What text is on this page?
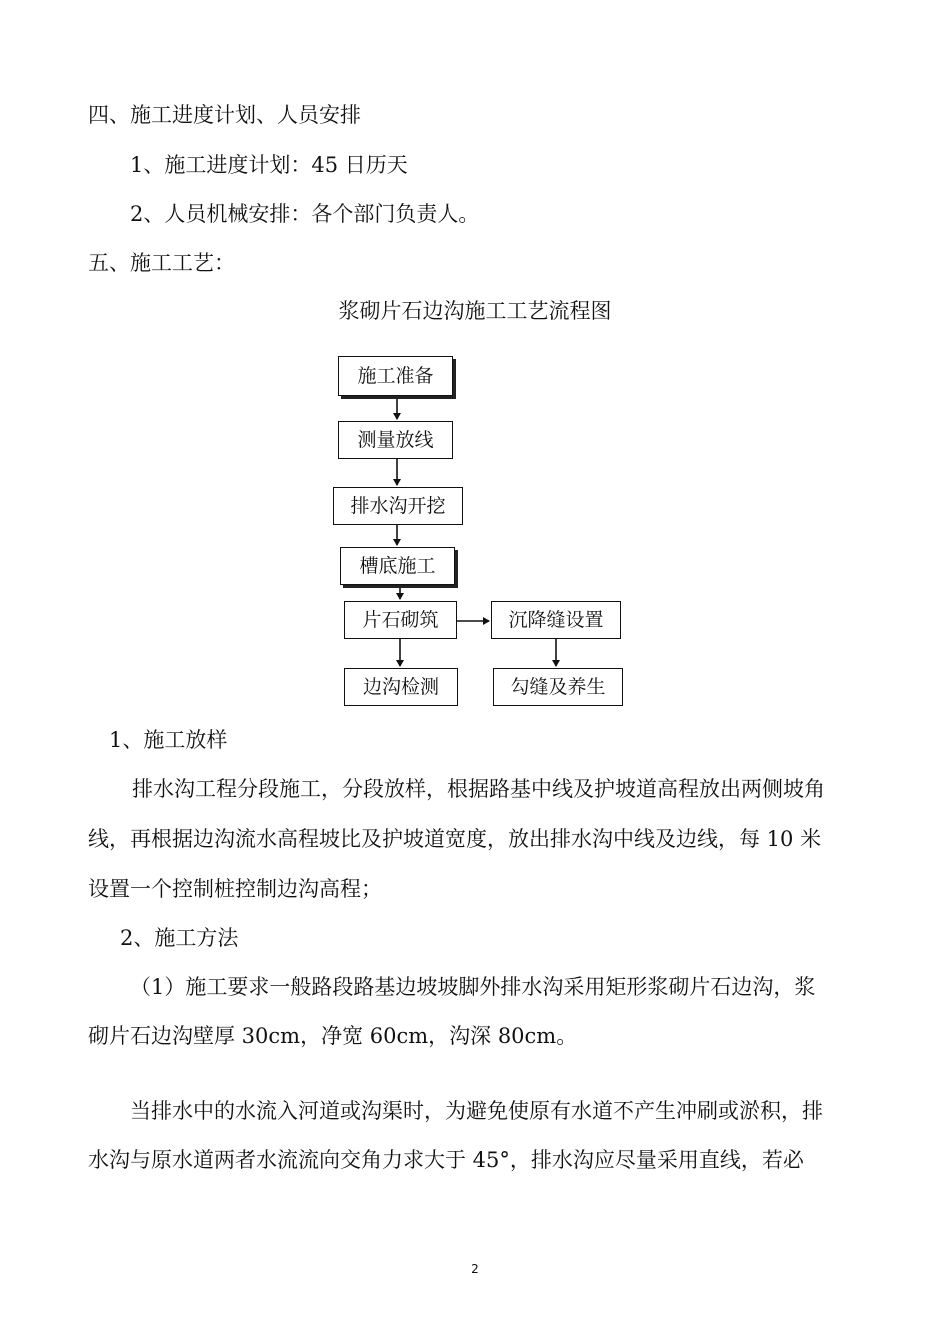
四、施工进度计划、人员安排
1、施工进度计划：45 日历天
2、人员机械安排：各个部门负责人。
五、施工工艺：
浆砌片石边沟施工工艺流程图
施工准备
测量放线
排水沟开挖
槽底施工
片石砌筑	沉降缝设置
边沟检测	勾缝及养生
1、施工放样
排水沟工程分段施工，分段放样，根据路基中线及护坡道高程放出两侧坡角
线，再根据边沟流水高程坡比及护坡道宽度，放出排水沟中线及边线，每 10 米
设置一个控制桩控制边沟高程；
2、施工方法
（1）施工要求一般路段路基边坡坡脚外排水沟采用矩形浆砌片石边沟，浆
砌片石边沟壁厚 30cm，净宽 60cm，沟深 80cm。
当排水中的水流入河道或沟渠时，为避免使原有水道不产生冲刷或淤积，排
水沟与原水道两者水流流向交角力求大于 45°，排水沟应尽量采用直线，若必
2
